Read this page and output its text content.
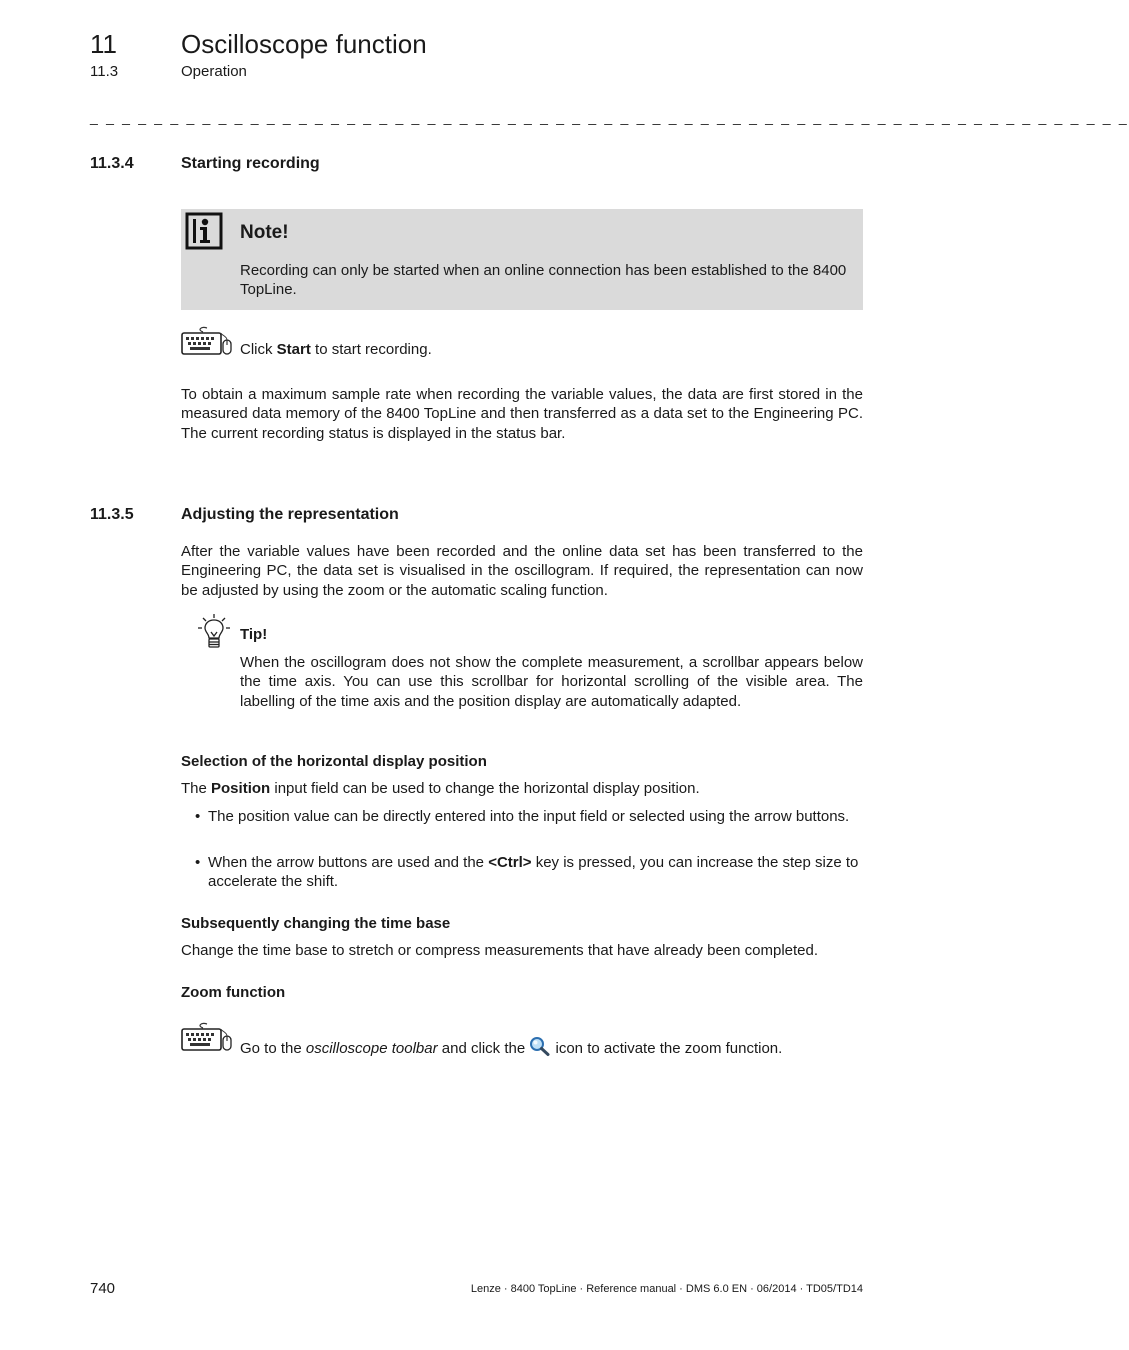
11 Oscilloscope function
11.3	Operation
_ _ _ _ _ _ _ _ _ _ _ _ _ _ _ _ _ _ _ _ _ _ _ _ _ _ _ _ _ _ _ _ _ _ _ _ _ _ _ _ _ _ _ _ _ _ _ _ _ _ _ _ _ _ _ _ _ _ _ _ _ _ _ _ _
11.3.4	Starting recording
Note!
Recording can only be started when an online connection has been established to the 8400 TopLine.
Click Start to start recording.
To obtain a maximum sample rate when recording the variable values, the data are first stored in the measured data memory of the 8400 TopLine and then transferred as a data set to the Engineering PC. The current recording status is displayed in the status bar.
11.3.5	Adjusting the representation
After the variable values have been recorded and the online data set has been transferred to the Engineering PC, the data set is visualised in the oscillogram. If required, the representation can now be adjusted by using the zoom or the automatic scaling function.
Tip!
When the oscillogram does not show the complete measurement, a scrollbar appears below the time axis. You can use this scrollbar for horizontal scrolling of the visible area. The labelling of the time axis and the position display are automatically adapted.
Selection of the horizontal display position
The Position input field can be used to change the horizontal display position.
• The position value can be directly entered into the input field or selected using the arrow buttons.
• When the arrow buttons are used and the <Ctrl> key is pressed, you can increase the step size to accelerate the shift.
Subsequently changing the time base
Change the time base to stretch or compress measurements that have already been completed.
Zoom function
Go to the oscilloscope toolbar and click the  icon to activate the zoom function.
740	Lenze · 8400 TopLine · Reference manual · DMS 6.0 EN · 06/2014 · TD05/TD14
